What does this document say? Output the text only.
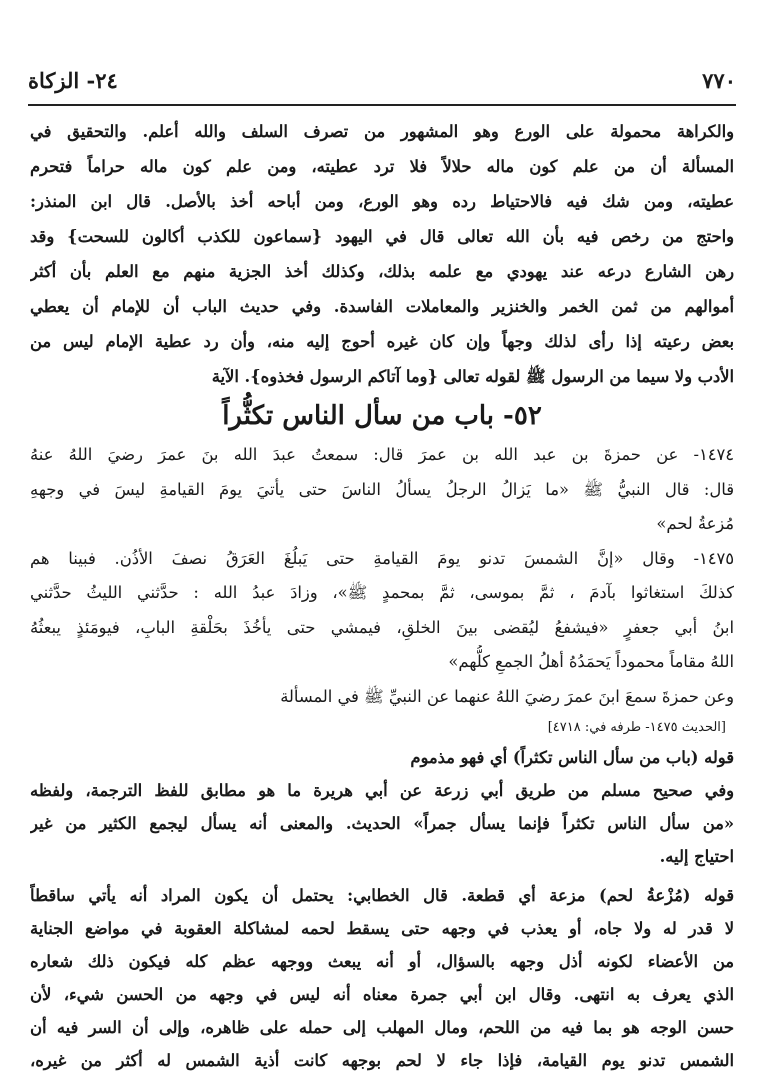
٧٧٠
٢٤- الزكاة
والكراهة محمولة على الورع وهو المشهور من تصرف السلف والله أعلم. والتحقيق في
المسألة أن من علم كون ماله حلالاً فلا ترد عطيته، ومن علم كون ماله حراماً فتحرم
عطيته، ومن شك فيه فالاحتياط رده وهو الورع، ومن أباحه أخذ بالأصل. قال ابن المنذر:
واحتج من رخص فيه بأن الله تعالى قال في اليهود {سماعون للكذب أكالون للسحت} وقد
رهن الشارع درعه عند يهودي مع علمه بذلك، وكذلك أخذ الجزية منهم مع العلم بأن أكثر
أموالهم من ثمن الخمر والخنزير والمعاملات الفاسدة. وفي حديث الباب أن للإمام أن يعطي
بعض رعيته إذا رأى لذلك وجهاً وإن كان غيره أحوج إليه منه، وأن رد عطية الإمام ليس من
الأدب ولا سيما من الرسول ﷺ لقوله تعالى {وما آتاكم الرسول فخذوه}. الآية
٥٢- باب من سأل الناس تكثُّراً
١٤٧٤- عن حمزةَ بن عبد الله بن عمرَ قال: سمعتُ عبدَ الله بنَ عمرَ رضيَ اللهُ عنهُ
قال: قال النبيُّ ﷺ «ما يَزالُ الرجلُ يسألُ الناسَ حتى يأتيَ يومَ القيامةِ ليسَ في وجههِ
مُزعةُ لحم»
١٤٧٥- وقال «إنَّ الشمسَ تدنو يومَ القيامةِ حتى يَبلُغَ العَرَقُ نصفَ الأذُن. فبينا هم
كذلكَ استغاثوا بآدمَ ، ثمَّ بموسى، ثمَّ بمحمدٍ ﷺ»، وزادَ عبدُ الله : حدَّثني الليثُ حدَّثني
ابنُ أبي جعفرٍ «فيشفعُ ليُقضى بينَ الخلقِ، فيمشي حتى يأخُذَ بحَلْقةِ البابِ، فيومَئذٍ يبعثُهُ
اللهُ مقاماً محموداً يَحمَدُهُ أهلُ الجمعِ كلُّهم»
وعن حمزةَ سمعَ ابنَ عمرَ رضيَ اللهُ عنهما عن النبيِّ ﷺ في المسألة
[الحديث ١٤٧٥- طرفه في: ٤٧١٨]
قوله (باب من سأل الناس تكثراً) أي فهو مذموم
وفي صحيح مسلم من طريق أبي زرعة عن أبي هريرة ما هو مطابق للفظ الترجمة، ولفظه
«من سأل الناس تكثراً فإنما يسأل جمراً» الحديث. والمعنى أنه يسأل ليجمع الكثير من غير
احتياج إليه.
قوله (مُزْعةُ لحم) مزعة أي قطعة. قال الخطابي: يحتمل أن يكون المراد أنه يأتي ساقطاً
لا قدر له ولا جاه، أو يعذب في وجهه حتى يسقط لحمه لمشاكلة العقوبة في مواضع الجناية
من الأعضاء لكونه أذل وجهه بالسؤال، أو أنه يبعث ووجهه عظم كله فيكون ذلك شعاره
الذي يعرف به انتهى. وقال ابن أبي جمرة معناه أنه ليس في وجهه من الحسن شيء، لأن
حسن الوجه هو بما فيه من اللحم، ومال المهلب إلى حمله على ظاهره، وإلى أن السر فيه أن
الشمس تدنو يوم القيامة، فإذا جاء لا لحم بوجهه كانت أذية الشمس له أكثر من غيره،
